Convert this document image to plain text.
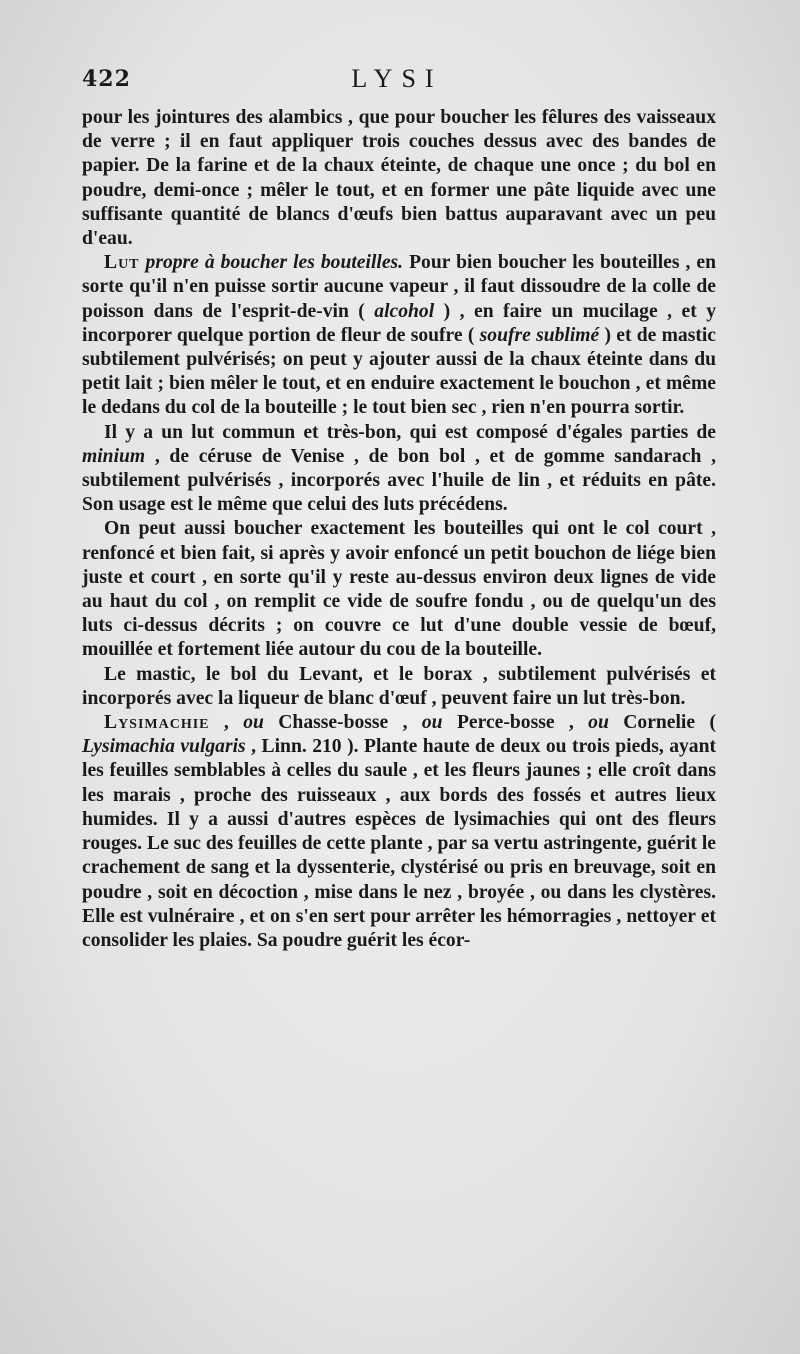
422	LYSI

pour les jointures des alambics , que pour boucher les fêlures des vaisseaux de verre ; il en faut appliquer trois couches dessus avec des bandes de papier. De la farine et de la chaux éteinte, de chaque une once ; du bol en poudre, demi-once ; mêler le tout, et en former une pâte liquide avec une suffisante quantité de blancs d'œufs bien battus auparavant avec un peu d'eau.

Lut propre à boucher les bouteilles. Pour bien boucher les bouteilles , en sorte qu'il n'en puisse sortir aucune vapeur , il faut dissoudre de la colle de poisson dans de l'esprit-de-vin ( alcohol ) , en faire un mucilage , et y incorporer quelque portion de fleur de soufre ( soufre sublimé ) et de mastic subtilement pulvérisés; on peut y ajouter aussi de la chaux éteinte dans du petit lait ; bien mêler le tout, et en enduire exactement le bouchon , et même le dedans du col de la bouteille ; le tout bien sec , rien n'en pourra sortir.

Il y a un lut commun et très-bon, qui est composé d'égales parties de minium , de céruse de Venise , de bon bol , et de gomme sandarach , subtilement pulvérisés , incorporés avec l'huile de lin , et réduits en pâte. Son usage est le même que celui des luts précédens.

On peut aussi boucher exactement les bouteilles qui ont le col court , renfoncé et bien fait, si après y avoir enfoncé un petit bouchon de liége bien juste et court , en sorte qu'il y reste au-dessus environ deux lignes de vide au haut du col , on remplit ce vide de soufre fondu , ou de quelqu'un des luts ci-dessus décrits ; on couvre ce lut d'une double vessie de bœuf, mouillée et fortement liée autour du cou de la bouteille.

Le mastic, le bol du Levant, et le borax , subtilement pulvérisés et incorporés avec la liqueur de blanc d'œuf , peuvent faire un lut très-bon.

Lysimachie , ou Chasse-bosse , ou Perce-bosse , ou Cornelie ( Lysimachia vulgaris , Linn. 210 ). Plante haute de deux ou trois pieds, ayant les feuilles semblables à celles du saule , et les fleurs jaunes ; elle croît dans les marais , proche des ruisseaux , aux bords des fossés et autres lieux humides. Il y a aussi d'autres espèces de lysimachies qui ont des fleurs rouges. Le suc des feuilles de cette plante , par sa vertu astringente, guérit le crachement de sang et la dyssenterie, clystérisé ou pris en breuvage, soit en poudre , soit en décoction , mise dans le nez , broyée , ou dans les clystères. Elle est vulnéraire , et on s'en sert pour arrêter les hémorragies , nettoyer et consolider les plaies. Sa poudre guérit les écor-
